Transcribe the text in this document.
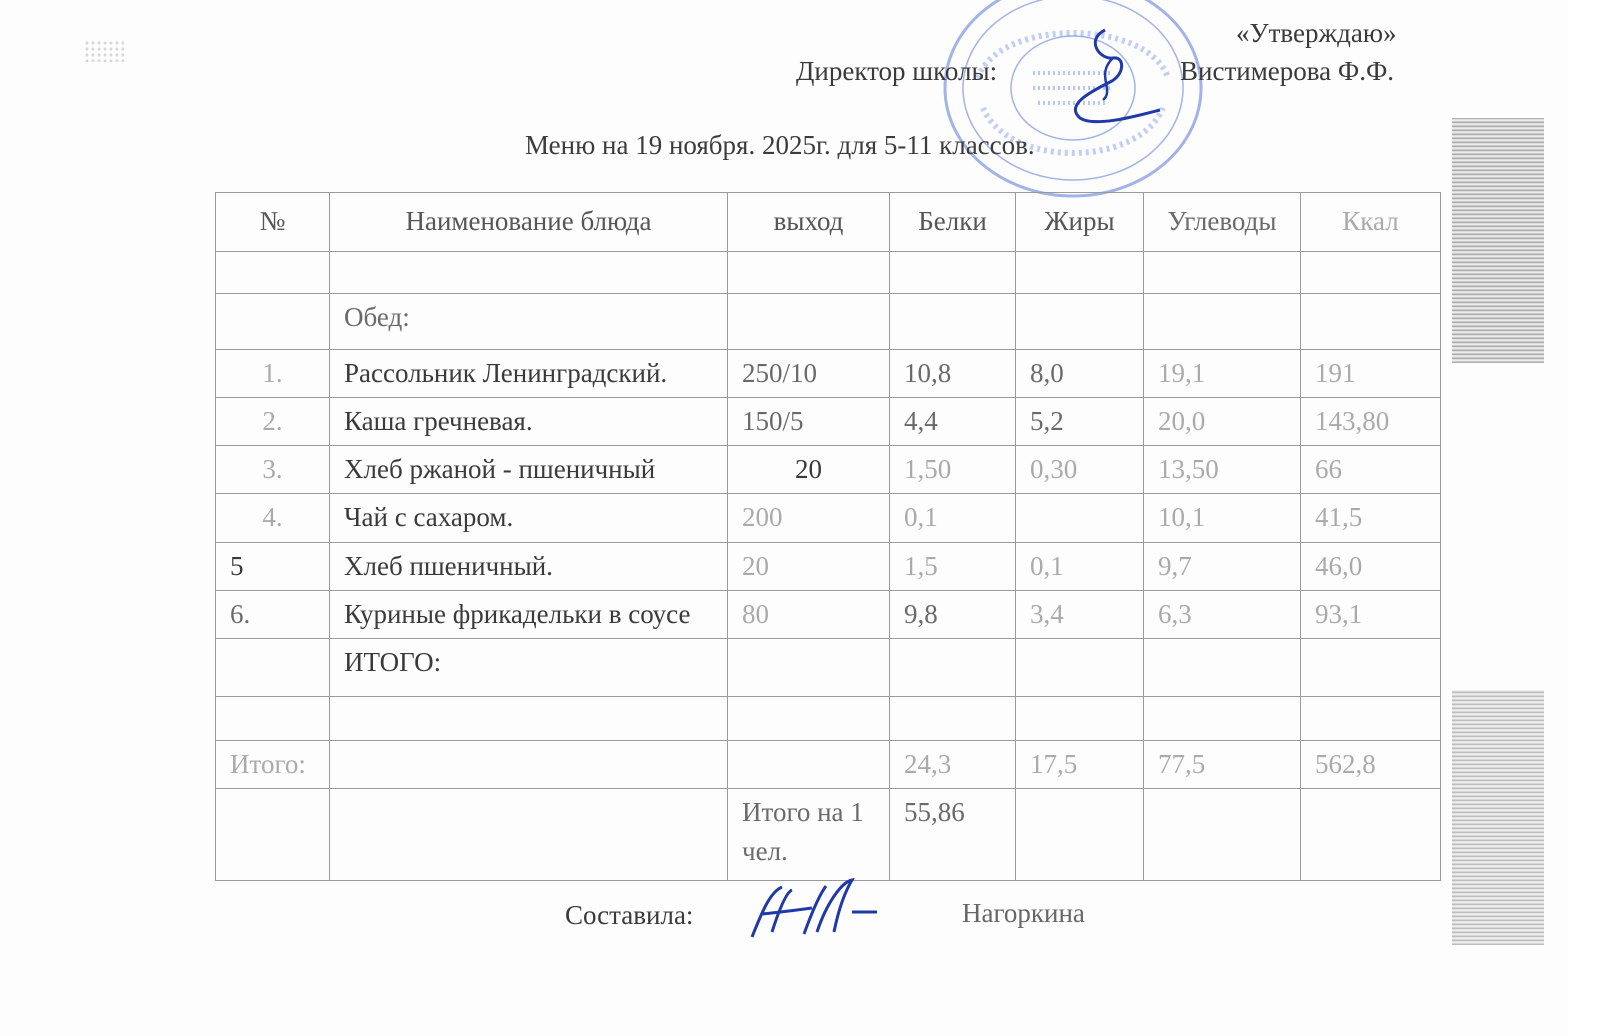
«Утверждаю»
Директор школы:	Вистимерова Ф.Ф.
Меню на 19 ноября. 2025г. для 5-11 классов.
№	Наименование блюда	выход	Белки	Жиры	Углеводы	Ккал

	Обед:					
1.	Рассольник Ленинградский.	250/10	10,8	8,0	19,1	191
2.	Каша гречневая.	150/5	4,4	5,2	20,0	143,80
3.	Хлеб ржаной - пшеничный	20	1,50	0,30	13,50	66
4.	Чай с сахаром.	200	0,1		10,1	41,5
5	Хлеб пшеничный.	20	1,5	0,1	9,7	46,0
6.	Куриные фрикадельки в соусе	80	9,8	3,4	6,3	93,1
	ИТОГО:					

Итого:			24,3	17,5	77,5	562,8
		Итого на 1 чел.	55,86			
Составила:	Нагоркина
